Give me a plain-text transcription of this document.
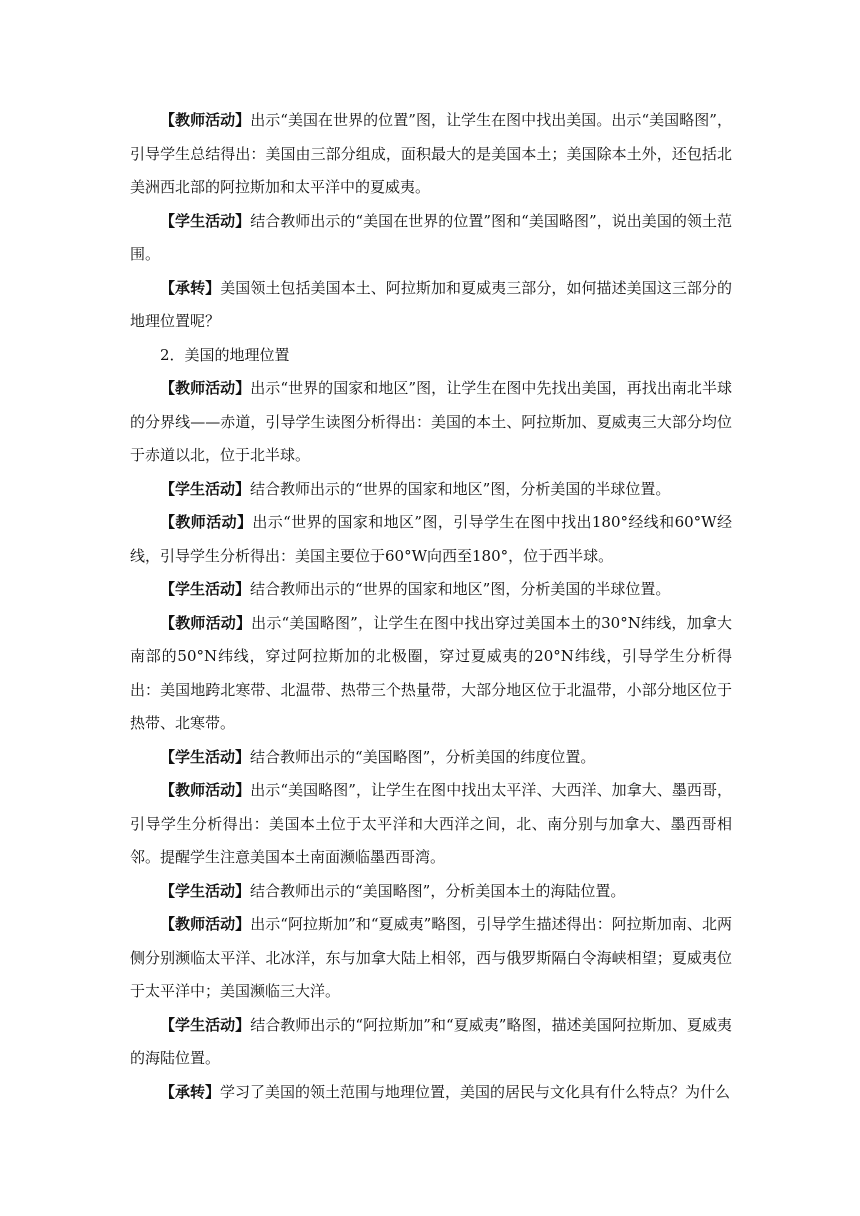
【教师活动】出示“美国在世界的位置”图，让学生在图中找出美国。出示“美国略图”，引导学生总结得出：美国由三部分组成，面积最大的是美国本土；美国除本土外，还包括北美洲西北部的阿拉斯加和太平洋中的夏威夷。

【学生活动】结合教师出示的“美国在世界的位置”图和“美国略图”，说出美国的领土范围。

【承转】美国领土包括美国本土、阿拉斯加和夏威夷三部分，如何描述美国这三部分的地理位置呢？

2．美国的地理位置

【教师活动】出示“世界的国家和地区”图，让学生在图中先找出美国，再找出南北半球的分界线——赤道，引导学生读图分析得出：美国的本土、阿拉斯加、夏威夷三大部分均位于赤道以北，位于北半球。

【学生活动】结合教师出示的“世界的国家和地区”图，分析美国的半球位置。

【教师活动】出示“世界的国家和地区”图，引导学生在图中找出180°经线和60°W经线，引导学生分析得出：美国主要位于60°W向西至180°，位于西半球。

【学生活动】结合教师出示的“世界的国家和地区”图，分析美国的半球位置。

【教师活动】出示“美国略图”，让学生在图中找出穿过美国本土的30°N纬线，加拿大南部的50°N纬线，穿过阿拉斯加的北极圈，穿过夏威夷的20°N纬线，引导学生分析得出：美国地跨北寒带、北温带、热带三个热量带，大部分地区位于北温带，小部分地区位于热带、北寒带。

【学生活动】结合教师出示的“美国略图”，分析美国的纬度位置。

【教师活动】出示“美国略图”，让学生在图中找出太平洋、大西洋、加拿大、墨西哥，引导学生分析得出：美国本土位于太平洋和大西洋之间，北、南分别与加拿大、墨西哥相邻。提醒学生注意美国本土南面濒临墨西哥湾。

【学生活动】结合教师出示的“美国略图”，分析美国本土的海陆位置。

【教师活动】出示“阿拉斯加”和“夏威夷”略图，引导学生描述得出：阿拉斯加南、北两侧分别濒临太平洋、北冰洋，东与加拿大陆上相邻，西与俄罗斯隔白令海峡相望；夏威夷位于太平洋中；美国濒临三大洋。

【学生活动】结合教师出示的“阿拉斯加”和“夏威夷”略图，描述美国阿拉斯加、夏威夷的海陆位置。

【承转】学习了美国的领土范围与地理位置，美国的居民与文化具有什么特点？为什么
